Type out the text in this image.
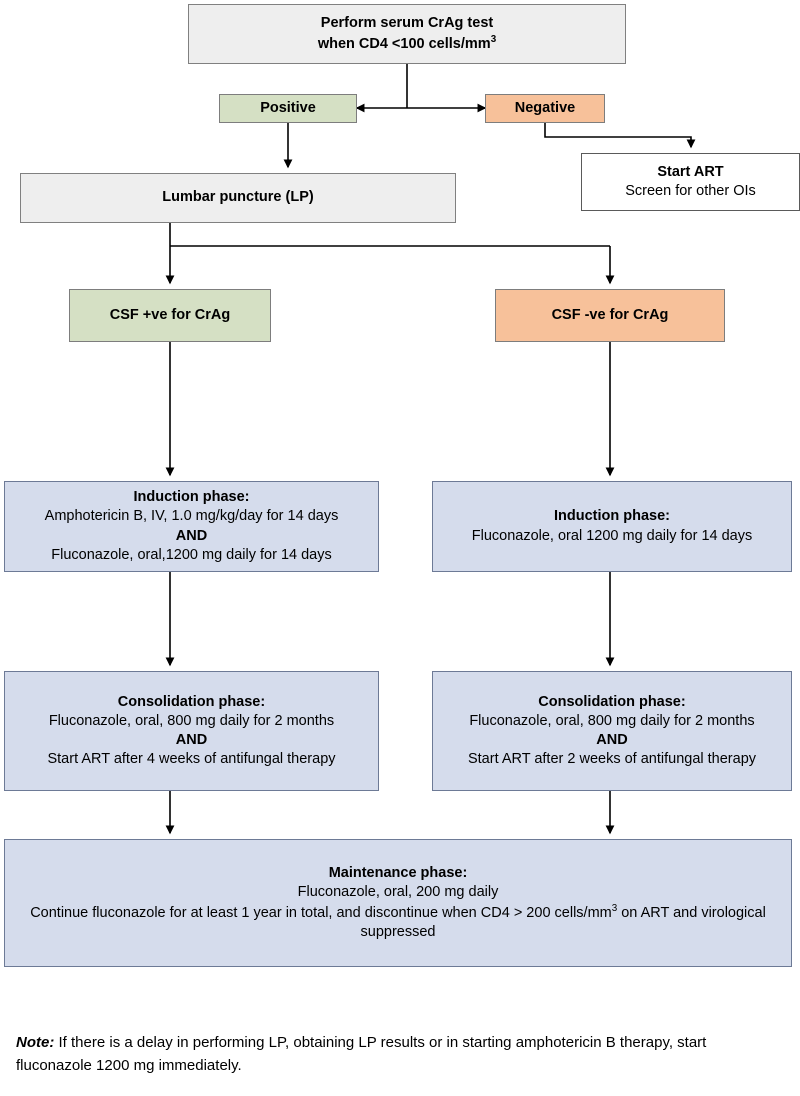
Perform serum CrAg test
when CD4 <100 cells/$mm^3$
Positive	Negative
Start ART
Screen for other OIs
Lumbar puncture (LP)
CSF +ve for CrAg	CSF -ve for CrAg
Induction phase:
Amphotericin B, IV, 1.0 mg/kg/day for 14 days
AND
Fluconazole, oral,1200 mg daily for 14 days
Induction phase:
Fluconazole, oral 1200 mg daily for 14 days
Consolidation phase:
Fluconazole, oral, 800 mg daily for 2 months
AND
Start ART after 4 weeks of antifungal therapy
Consolidation phase:
Fluconazole, oral, 800 mg daily for 2 months
AND
Start ART after 2 weeks of antifungal therapy
Maintenance phase:
Fluconazole, oral, 200 mg daily
Continue fluconazole for at least 1 year in total, and discontinue when CD4 > 200 cells/$mm^3$ on ART and virological suppressed
Note: If there is a delay in performing LP, obtaining LP results or in starting amphotericin B therapy, start fluconazole 1200 mg immediately.
